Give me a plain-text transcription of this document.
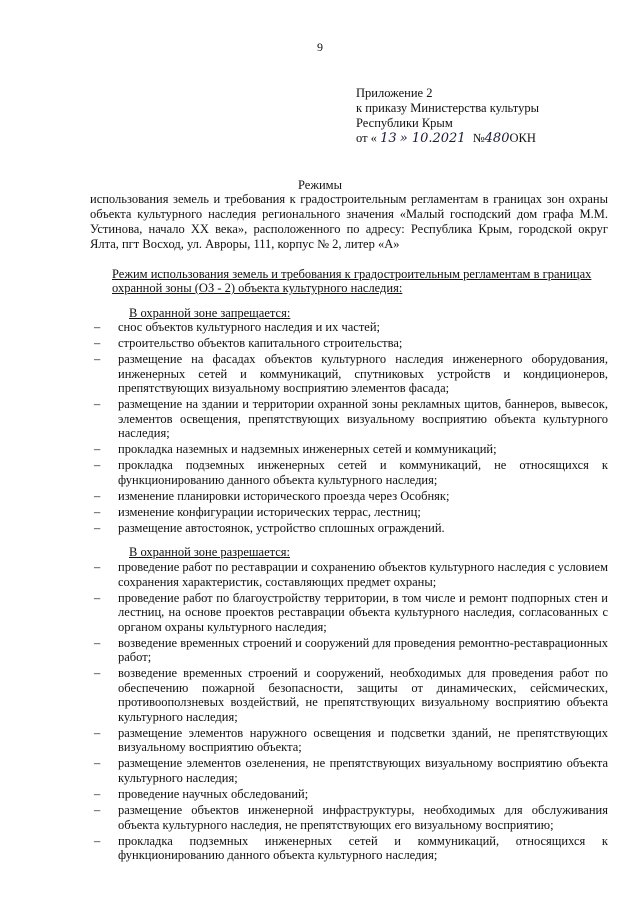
9
Приложение 2
к приказу Министерства культуры
Республики Крым
от « 13 » 10.2021 №480ОКН
Режимы
использования земель и требования к градостроительным регламентам в границах зон охраны объекта культурного наследия регионального значения «Малый господский дом графа М.М. Устинова, начало XX века», расположенного по адресу: Республика Крым, городской округ Ялта, пгт Восход, ул. Авроры, 111, корпус № 2, литер «А»
Режим использования земель и требования к градостроительным регламентам в границах охранной зоны (ОЗ - 2) объекта культурного наследия:
В охранной зоне запрещается:
– снос объектов культурного наследия и их частей;
– строительство объектов капитального строительства;
– размещение на фасадах объектов культурного наследия инженерного оборудования, инженерных сетей и коммуникаций, спутниковых устройств и кондиционеров, препятствующих визуальному восприятию элементов фасада;
– размещение на здании и территории охранной зоны рекламных щитов, баннеров, вывесок, элементов освещения, препятствующих визуальному восприятию объекта культурного наследия;
– прокладка наземных и надземных инженерных сетей и коммуникаций;
– прокладка подземных инженерных сетей и коммуникаций, не относящихся к функционированию данного объекта культурного наследия;
– изменение планировки исторического проезда через Особняк;
– изменение конфигурации исторических террас, лестниц;
– размещение автостоянок, устройство сплошных ограждений.
В охранной зоне разрешается:
– проведение работ по реставрации и сохранению объектов культурного наследия с условием сохранения характеристик, составляющих предмет охраны;
– проведение работ по благоустройству территории, в том числе и ремонт подпорных стен и лестниц, на основе проектов реставрации объекта культурного наследия, согласованных с органом охраны культурного наследия;
– возведение временных строений и сооружений для проведения ремонтно-реставрационных работ;
– возведение временных строений и сооружений, необходимых для проведения работ по обеспечению пожарной безопасности, защиты от динамических, сейсмических, противооползневых воздействий, не препятствующих визуальному восприятию объекта культурного наследия;
– размещение элементов наружного освещения и подсветки зданий, не препятствующих визуальному восприятию объекта;
– размещение элементов озеленения, не препятствующих визуальному восприятию объекта культурного наследия;
– проведение научных обследований;
– размещение объектов инженерной инфраструктуры, необходимых для обслуживания объекта культурного наследия, не препятствующих его визуальному восприятию;
– прокладка подземных инженерных сетей и коммуникаций, относящихся к функционированию данного объекта культурного наследия;
